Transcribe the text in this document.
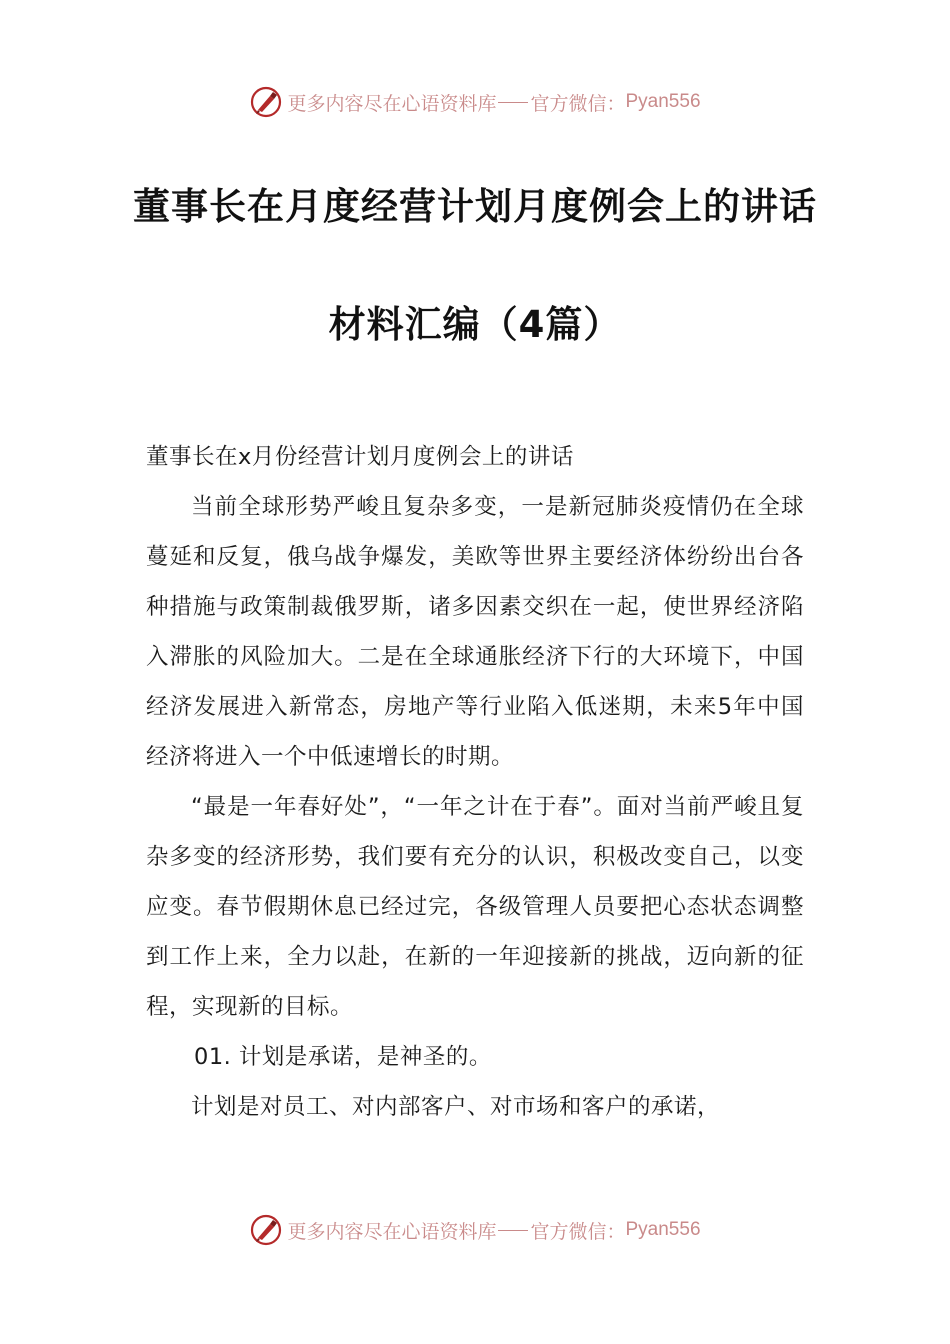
更多内容尽在心语资料库 官方微信： Pyan556
董事长在月度经营计划月度例会上的讲话
材料汇编（4篇）

董事长在x月份经营计划月度例会上的讲话

当前全球形势严峻且复杂多变，一是新冠肺炎疫情仍在全球蔓延和反复，俄乌战争爆发，美欧等世界主要经济体纷纷出台各种措施与政策制裁俄罗斯，诸多因素交织在一起，使世界经济陷入滞胀的风险加大。二是在全球通胀经济下行的大环境下，中国经济发展进入新常态，房地产等行业陷入低迷期，未来5年中国经济将进入一个中低速增长的时期。

“最是一年春好处”，“一年之计在于春”。面对当前严峻且复杂多变的经济形势，我们要有充分的认识，积极改变自己，以变应变。春节假期休息已经过完，各级管理人员要把心态状态调整到工作上来，全力以赴，在新的一年迎接新的挑战，迈向新的征程，实现新的目标。

01. 计划是承诺，是神圣的。

计划是对员工、对内部客户、对市场和客户的承诺，

更多内容尽在心语资料库 官方微信： Pyan556
